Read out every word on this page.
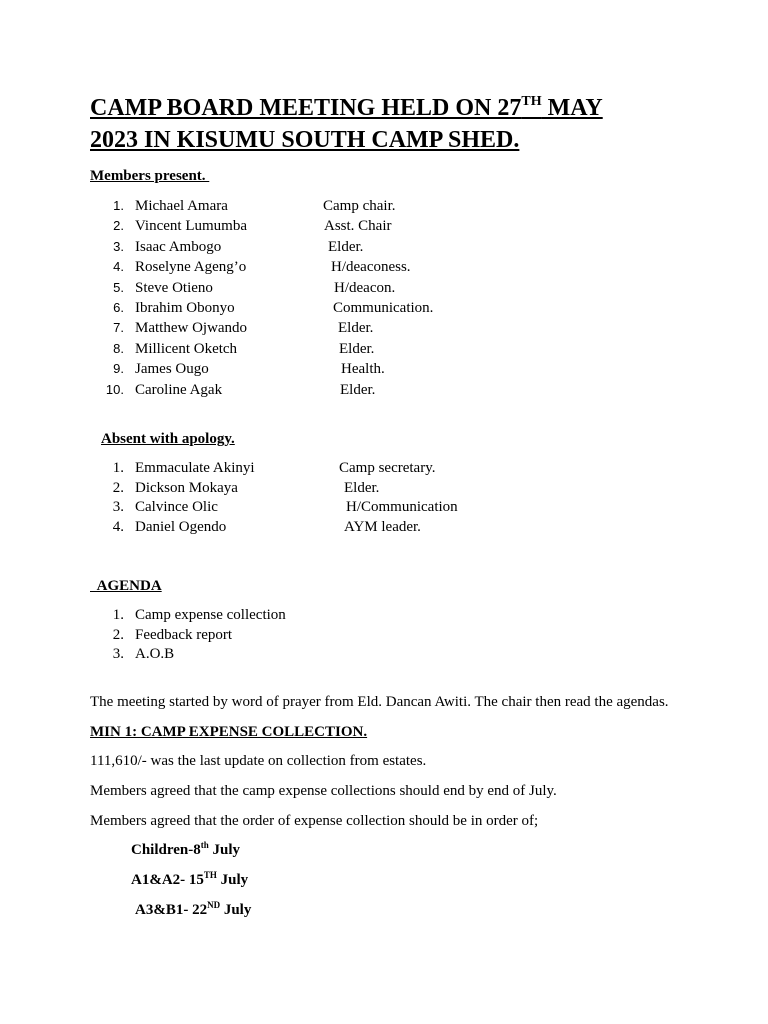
CAMP BOARD MEETING HELD ON 27TH MAY
2023 IN KISUMU SOUTH CAMP SHED.

Members present.

1. Michael Amara	Camp chair.
2. Vincent Lumumba	Asst. Chair
3. Isaac Ambogo	Elder.
4. Roselyne Ageng’o	H/deaconess.
5. Steve Otieno	H/deacon.
6. Ibrahim Obonyo	Communication.
7. Matthew Ojwando	Elder.
8. Millicent Oketch	Elder.
9. James Ougo	Health.
10. Caroline Agak	Elder.

Absent with apology.

1. Emmaculate Akinyi	Camp secretary.
2. Dickson Mokaya	Elder.
3. Calvince Olic	H/Communication
4. Daniel Ogendo	AYM leader.

AGENDA

1. Camp expense collection
2. Feedback report
3. A.O.B

The meeting started by word of prayer from Eld. Dancan Awiti. The chair then read the agendas.

MIN 1: CAMP EXPENSE COLLECTION.

111,610/- was the last update on collection from estates.

Members agreed that the camp expense collections should end by end of July.

Members agreed that the order of expense collection should be in order of;

Children-8th July

A1&A2- 15TH July

A3&B1- 22ND July
